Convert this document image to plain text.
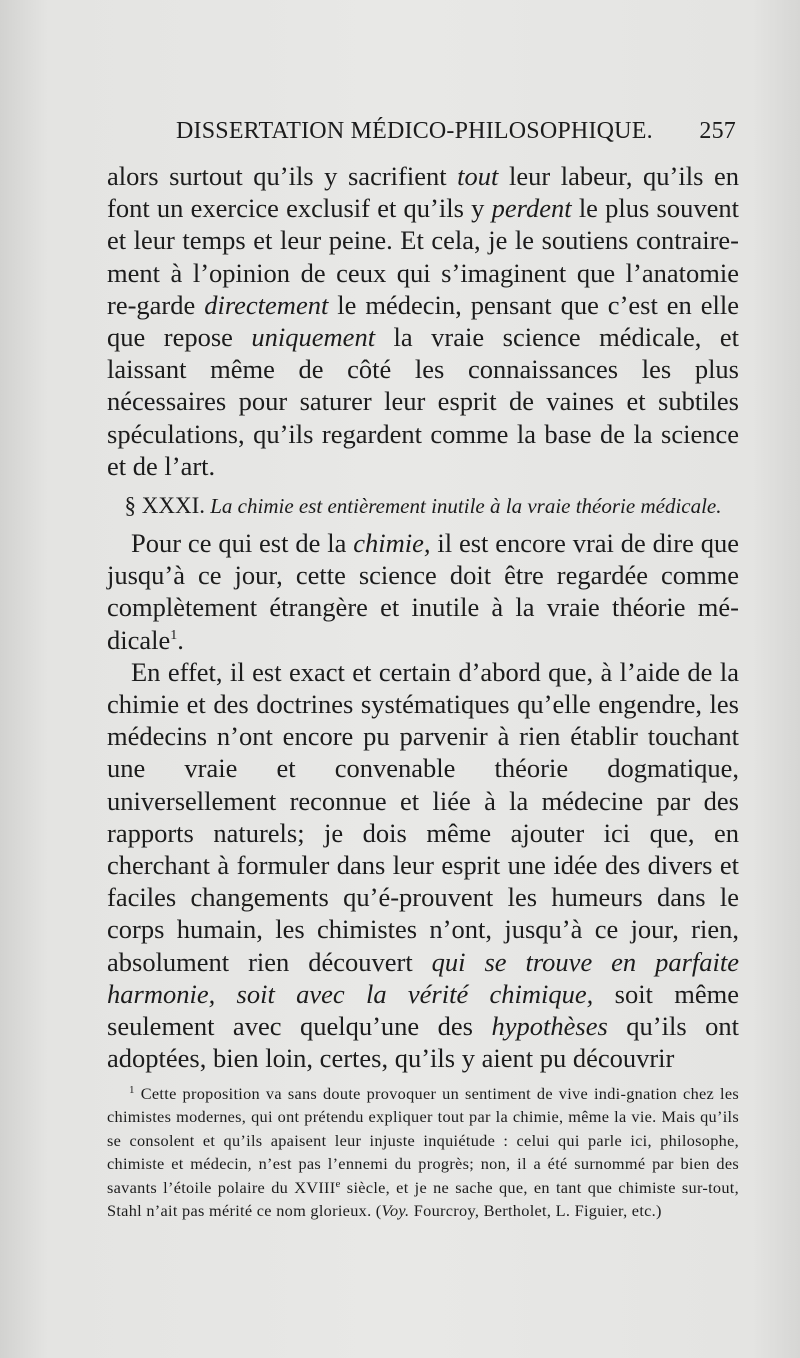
DISSERTATION MÉDICO-PHILOSOPHIQUE. 257

alors surtout qu’ils y sacrifient tout leur labeur, qu’ils en font un exercice exclusif et qu’ils y perdent le plus souvent et leur temps et leur peine. Et cela, je le soutiens contraire-ment à l’opinion de ceux qui s’imaginent que l’anatomie re-garde directement le médecin, pensant que c’est en elle que repose uniquement la vraie science médicale, et laissant même de côté les connaissances les plus nécessaires pour saturer leur esprit de vaines et subtiles spéculations, qu’ils regardent comme la base de la science et de l’art.

§ XXXI. La chimie est entièrement inutile à la vraie théorie médicale.

Pour ce qui est de la chimie, il est encore vrai de dire que jusqu’à ce jour, cette science doit être regardée comme complètement étrangère et inutile à la vraie théorie mé-dicale$^1$.

En effet, il est exact et certain d’abord que, à l’aide de la chimie et des doctrines systématiques qu’elle engendre, les médecins n’ont encore pu parvenir à rien établir touchant une vraie et convenable théorie dogmatique, universellement reconnue et liée à la médecine par des rapports naturels; je dois même ajouter ici que, en cherchant à formuler dans leur esprit une idée des divers et faciles changements qu’é-prouvent les humeurs dans le corps humain, les chimistes n’ont, jusqu’à ce jour, rien, absolument rien découvert qui se trouve en parfaite harmonie, soit avec la vérité chimique, soit même seulement avec quelqu’une des hypothèses qu’ils ont adoptées, bien loin, certes, qu’ils y aient pu découvrir

$^1$ Cette proposition va sans doute provoquer un sentiment de vive indi-gnation chez les chimistes modernes, qui ont prétendu expliquer tout par la chimie, même la vie. Mais qu’ils se consolent et qu’ils apaisent leur injuste inquiétude : celui qui parle ici, philosophe, chimiste et médecin, n’est pas l’ennemi du progrès; non, il a été surnommé par bien des savants l’étoile polaire du XVIIIe siècle, et je ne sache que, en tant que chimiste sur-tout, Stahl n’ait pas mérité ce nom glorieux. (Voy. Fourcroy, Bertholet, L. Figuier, etc.)
